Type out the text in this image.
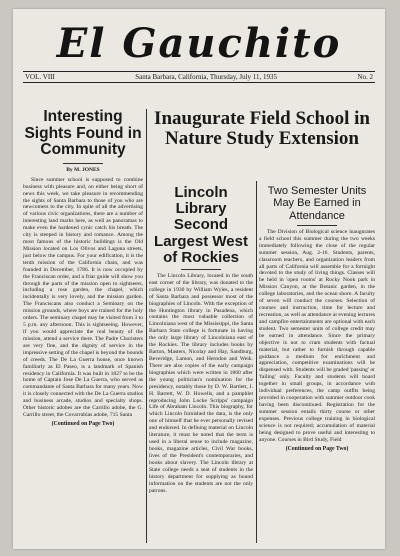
El Gauchito
VOL. VIII	Santa Barbara, California, Thursday, July 11, 1935	No. 2
Interesting Sights Found in Community
By M. JONES

Since summer school is supposed to combine business with pleasure and, on either being short of news this week, we take pleasure in recommending the sights of Santa Barbara to those of you who are newcomers to the city. In spite of all the advertising of various civic organizations, there are a number of interesting land marks here, as well as panoramas to make even the hardened cynic catch his breath. The city is steeped in history and romance. Among the most famous of the historic buildings is the Old Mission located on Los Olivos and Laguna streets, just below the campus. For your edification, it is the tenth mission of the California chain, and was founded in December, 1786. It is now occupied by the Franciscan order, and a friar guide will show you through the parts of the mission open to sightseers, including a rose garden, the chapel, which incidentally is very lovely, and the mission garden. The Franciscans also conduct a Seminary on the mission grounds, where boys are trained for the holy orders. The seminary chapel may be visited from 3 to 5 p.m. any afternoon. This is sightseeing. However, if you would appreciate the real beauty of the mission, attend a service there. The Padre Choristers are very fine, and the dignity of service in the impressive setting of the chapel is beyond the bounds of creeds. The De La Guerra house, once known familiarly as El Paseo, is a landmark of Spanish residency in California. It was built in 1827 to be the home of Captain Jose De La Guerra, who served as commandante of Santa Barbara for many years. Now it is closely connected with the De La Guerra studios and business arcade, studios and specialty shops. Other historic adobes are the Carrillo adobe, the G. Carrillo street, the Covarrubias adobe, 715 Santa

(Continued on Page Two)
Inaugurate Field School in Nature Study Extension
Lincoln Library Second Largest West of Rockies

The Lincoln Library, located in the south east corner of the library, was donated to the college in 1930 by William Wyles, a resident of Santa Barbara and possessor most of the biographies of Lincoln. With the exception of the Huntington library in Pasadena, which contains the most valuable collection of Lincolniana west of the Mississippi, the Santa Barbara State college is fortunate in having the only large library of Lincolniana east of the Rockies. The library includes books by Barton, Masters, Nicolay and Hay, Sandburg, Beveridge, Lamon, and Herndon and Weik. There are also copies of the early campaign biographies which were written in 1860 after the young politician's nomination for the presidency, notably those by D. W. Bartlett, J. H. Barrett, W. D. Howells, and a pamphlet reproducing John Locke Scripps' campaign Life of Abraham Lincoln. This biography, for which Lincoln furnished the data, is the only one of himself that he ever personally revised and endorsed. In defining material on Lincoln literature, it must be noted that the term is used in a liberal sense to include magazine, books, magazine articles, Civil War books, lives of the President's contemporaries, and books about slavery. The Lincoln library at State college needs a seat of students in the history department for supplying as bound information on the students are not the only patrons.

Two Semester Units May Be Earned in Attendance

The Division of Biological science inaugurates a field school this summer during the two weeks immediately following the close of the regular summer session, Aug. 2-16. Students, parents, classroom teachers, and organization leaders from all parts of California will assemble for a fortnight devoted to the study of living things. Classes will be held in 'open rooms' at Rocky Nook park in Mission Canyon, at the Botanic garden, in the college laboratories, and the ocean shore. A faculty of seven will conduct the courses. Selection of courses and instruction, time for lecture and recreation, as well as attendance at evening lectures and campfire entertainments are optional with each student. Two semester units of college credit may be earned in attendance. Since the primary objective is not to cram students with factual material, but rather to furnish through capable guidance a medium for enrichment and appreciation, competitive examinations will be dispensed with. Students will be graded 'passing' or 'failing' only. Faculty and students will board together in small groups, in accordance with individual preferences, the camp outfits being provided in cooperation with summer outdoor cook having been discontinued. Registration for the summer session entails thirty course or other expenses. Previous college training in biological science is not required; accumulation of material being designed to prove useful and interesting to anyone. Courses in Bird Study, Field

(Continued on Page Two)
